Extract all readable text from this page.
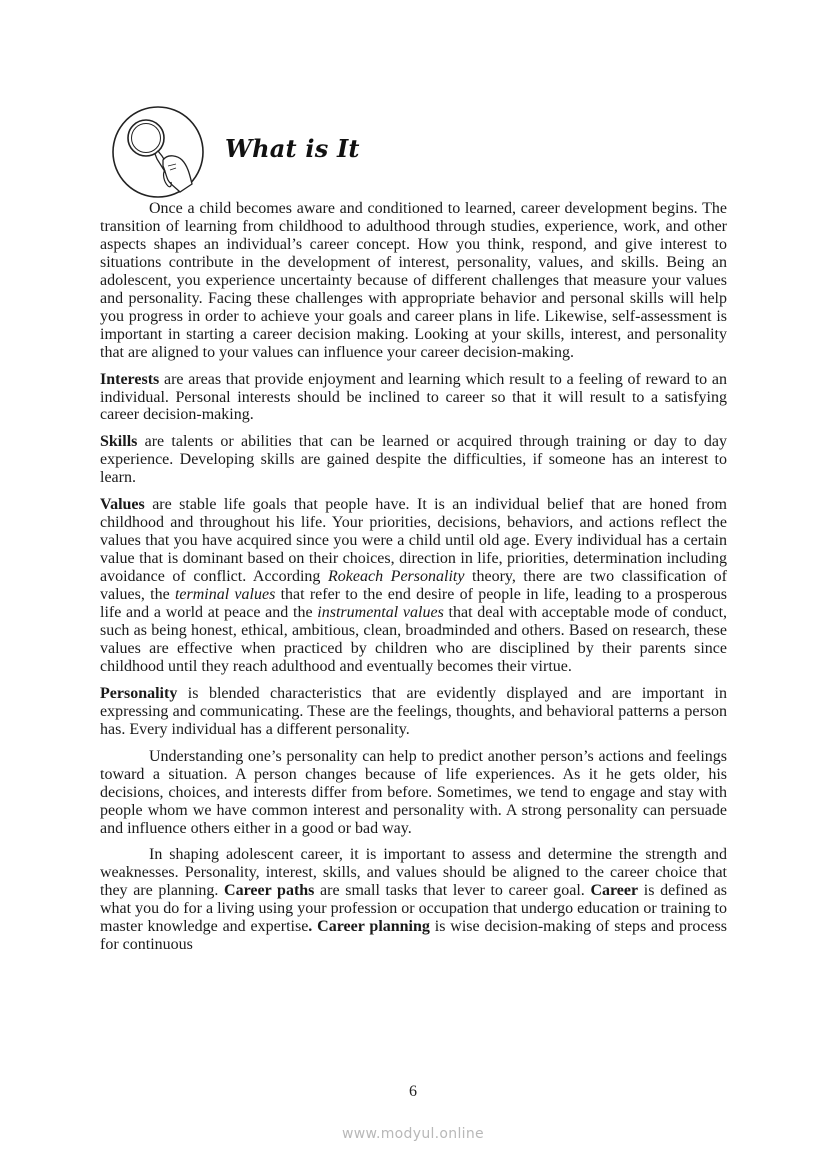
What is It

Once a child becomes aware and conditioned to learned, career development begins. The transition of learning from childhood to adulthood through studies, experience, work, and other aspects shapes an individual’s career concept. How you think, respond, and give interest to situations contribute in the development of interest, personality, values, and skills. Being an adolescent, you experience uncertainty because of different challenges that measure your values and personality. Facing these challenges with appropriate behavior and personal skills will help you progress in order to achieve your goals and career plans in life. Likewise, self-assessment is important in starting a career decision making. Looking at your skills, interest, and personality that are aligned to your values can influence your career decision-making.

Interests are areas that provide enjoyment and learning which result to a feeling of reward to an individual. Personal interests should be inclined to career so that it will result to a satisfying career decision-making.

Skills are talents or abilities that can be learned or acquired through training or day to day experience. Developing skills are gained despite the difficulties, if someone has an interest to learn.

Values are stable life goals that people have. It is an individual belief that are honed from childhood and throughout his life. Your priorities, decisions, behaviors, and actions reflect the values that you have acquired since you were a child until old age. Every individual has a certain value that is dominant based on their choices, direction in life, priorities, determination including avoidance of conflict. According Rokeach Personality theory, there are two classification of values, the terminal values that refer to the end desire of people in life, leading to a prosperous life and a world at peace and the instrumental values that deal with acceptable mode of conduct, such as being honest, ethical, ambitious, clean, broadminded and others. Based on research, these values are effective when practiced by children who are disciplined by their parents since childhood until they reach adulthood and eventually becomes their virtue.

Personality is blended characteristics that are evidently displayed and are important in expressing and communicating. These are the feelings, thoughts, and behavioral patterns a person has. Every individual has a different personality.

Understanding one’s personality can help to predict another person’s actions and feelings toward a situation. A person changes because of life experiences. As it he gets older, his decisions, choices, and interests differ from before. Sometimes, we tend to engage and stay with people whom we have common interest and personality with. A strong personality can persuade and influence others either in a good or bad way.

In shaping adolescent career, it is important to assess and determine the strength and weaknesses. Personality, interest, skills, and values should be aligned to the career choice that they are planning. Career paths are small tasks that lever to career goal. Career is defined as what you do for a living using your profession or occupation that undergo education or training to master knowledge and expertise. Career planning is wise decision-making of steps and process for continuous

6
www.modyul.online
